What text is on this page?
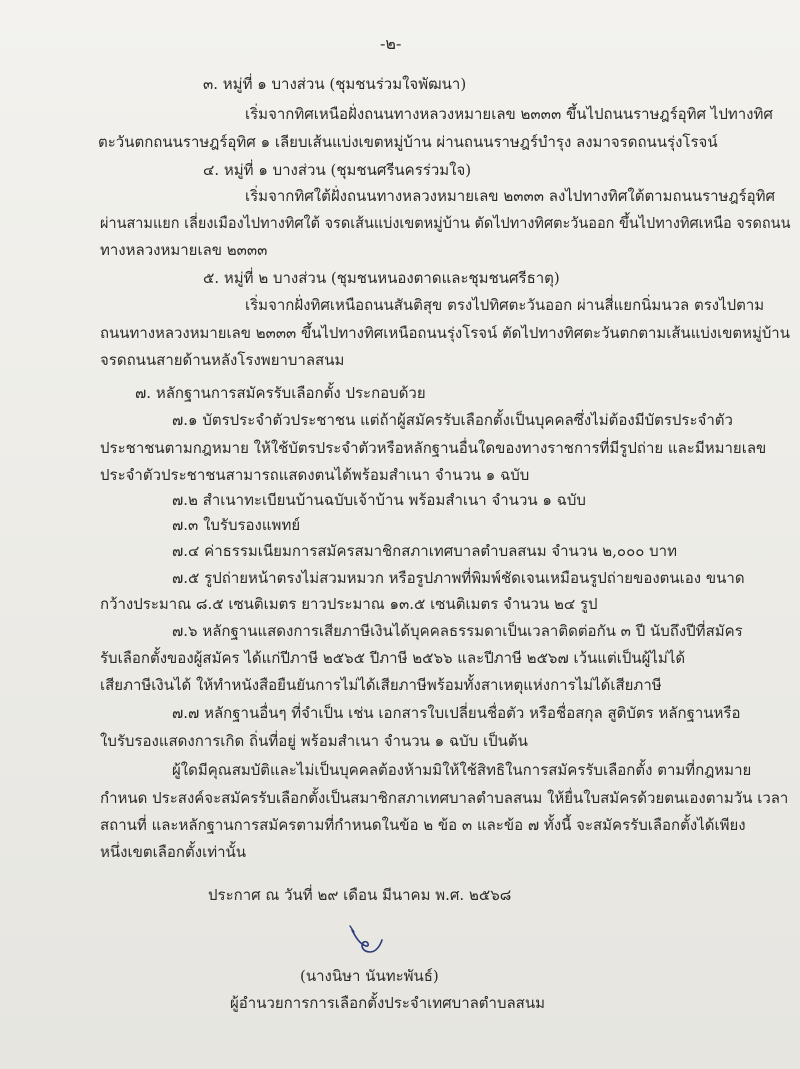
-๒-
๓. หมู่ที่ ๑ บางส่วน (ชุมชนร่วมใจพัฒนา)
เริ่มจากทิศเหนือฝั่งถนนทางหลวงหมายเลข ๒๓๓๓ ขึ้นไปถนนราษฎร์อุทิศ ไปทางทิศ
ตะวันตกถนนราษฎร์อุทิศ ๑ เลียบเส้นแบ่งเขตหมู่บ้าน ผ่านถนนราษฎร์บำรุง ลงมาจรดถนนรุ่งโรจน์
๔. หมู่ที่ ๑ บางส่วน (ชุมชนศรีนครร่วมใจ)
เริ่มจากทิศใต้ฝั่งถนนทางหลวงหมายเลข ๒๓๓๓ ลงไปทางทิศใต้ตามถนนราษฎร์อุทิศ
ผ่านสามแยก เลี่ยงเมืองไปทางทิศใต้ จรดเส้นแบ่งเขตหมู่บ้าน ตัดไปทางทิศตะวันออก ขึ้นไปทางทิศเหนือ จรดถนน
ทางหลวงหมายเลข ๒๓๓๓
๕. หมู่ที่ ๒ บางส่วน (ชุมชนหนองตาดและชุมชนศรีธาตุ)
เริ่มจากฝั่งทิศเหนือถนนสันติสุข ตรงไปทิศตะวันออก ผ่านสี่แยกนิ่มนวล ตรงไปตาม
ถนนทางหลวงหมายเลข ๒๓๓๓ ขึ้นไปทางทิศเหนือถนนรุ่งโรจน์ ตัดไปทางทิศตะวันตกตามเส้นแบ่งเขตหมู่บ้าน
จรดถนนสายด้านหลังโรงพยาบาลสนม
๗. หลักฐานการสมัครรับเลือกตั้ง ประกอบด้วย
๗.๑ บัตรประจำตัวประชาชน แต่ถ้าผู้สมัครรับเลือกตั้งเป็นบุคคลซึ่งไม่ต้องมีบัตรประจำตัว
ประชาชนตามกฎหมาย ให้ใช้บัตรประจำตัวหรือหลักฐานอื่นใดของทางราชการที่มีรูปถ่าย และมีหมายเลข
ประจำตัวประชาชนสามารถแสดงตนได้พร้อมสำเนา จำนวน ๑ ฉบับ
๗.๒ สำเนาทะเบียนบ้านฉบับเจ้าบ้าน พร้อมสำเนา จำนวน ๑ ฉบับ
๗.๓ ใบรับรองแพทย์
๗.๔ ค่าธรรมเนียมการสมัครสมาชิกสภาเทศบาลตำบลสนม จำนวน ๒,๐๐๐ บาท
๗.๕ รูปถ่ายหน้าตรงไม่สวมหมวก หรือรูปภาพที่พิมพ์ชัดเจนเหมือนรูปถ่ายของตนเอง ขนาด
กว้างประมาณ ๘.๕ เซนติเมตร ยาวประมาณ ๑๓.๕ เซนติเมตร จำนวน ๒๔ รูป
๗.๖ หลักฐานแสดงการเสียภาษีเงินได้บุคคลธรรมดาเป็นเวลาติดต่อกัน ๓ ปี นับถึงปีที่สมัคร
รับเลือกตั้งของผู้สมัคร ได้แก่ปีภาษี ๒๕๖๕ ปีภาษี ๒๕๖๖ และปีภาษี ๒๕๖๗ เว้นแต่เป็นผู้ไม่ได้
เสียภาษีเงินได้ ให้ทำหนังสือยืนยันการไม่ได้เสียภาษีพร้อมทั้งสาเหตุแห่งการไม่ได้เสียภาษี
๗.๗ หลักฐานอื่นๆ ที่จำเป็น เช่น เอกสารใบเปลี่ยนชื่อตัว หรือชื่อสกุล สูติบัตร หลักฐานหรือ
ใบรับรองแสดงการเกิด ถิ่นที่อยู่ พร้อมสำเนา จำนวน ๑ ฉบับ เป็นต้น
ผู้ใดมีคุณสมบัติและไม่เป็นบุคคลต้องห้ามมิให้ใช้สิทธิในการสมัครรับเลือกตั้ง ตามที่กฎหมาย
กำหนด ประสงค์จะสมัครรับเลือกตั้งเป็นสมาชิกสภาเทศบาลตำบลสนม ให้ยื่นใบสมัครด้วยตนเองตามวัน เวลา
สถานที่ และหลักฐานการสมัครตามที่กำหนดในข้อ ๒ ข้อ ๓ และข้อ ๗ ทั้งนี้ จะสมัครรับเลือกตั้งได้เพียง
หนึ่งเขตเลือกตั้งเท่านั้น
ประกาศ ณ วันที่ ๒๙ เดือน มีนาคม พ.ศ. ๒๕๖๘
(นางนิษา นันทะพันธ์)
ผู้อำนวยการการเลือกตั้งประจำเทศบาลตำบลสนม
